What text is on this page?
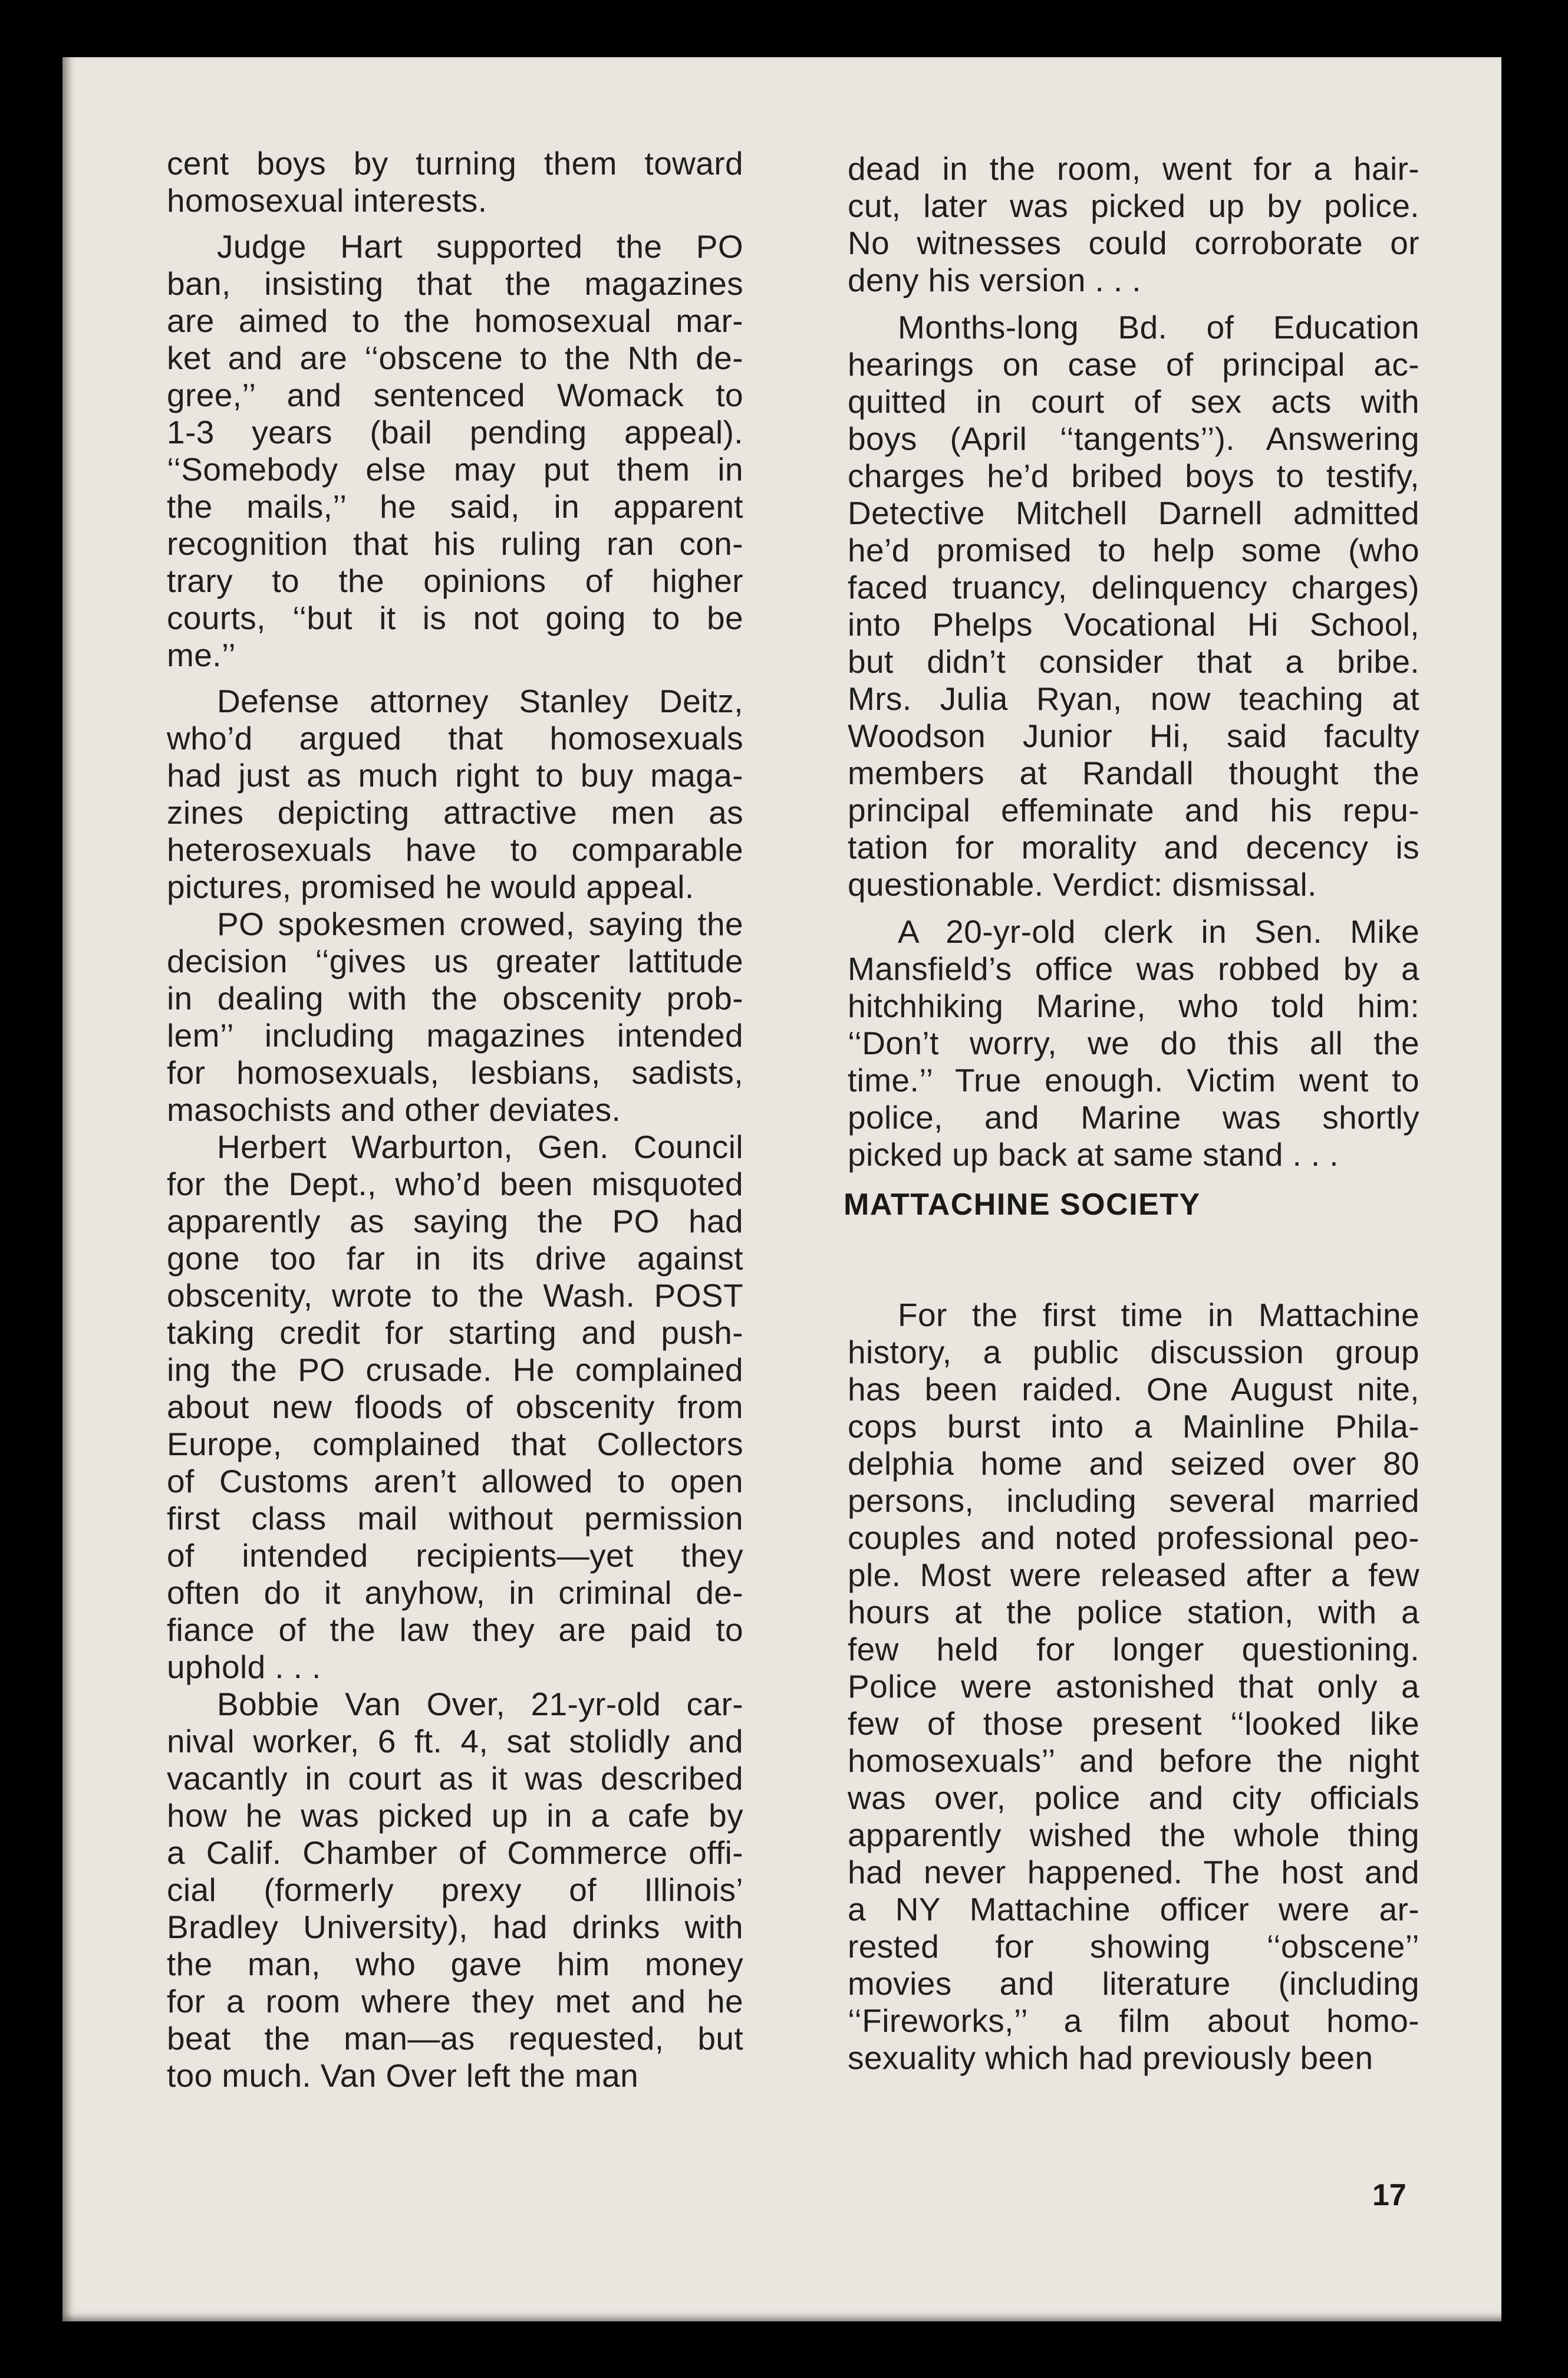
cent boys by turning them toward
homosexual interests.
Judge Hart supported the PO
ban, insisting that the magazines
are aimed to the homosexual mar-
ket and are ‘‘obscene to the Nth de-
gree,’’ and sentenced Womack to
1-3 years (bail pending appeal).
‘‘Somebody else may put them in
the mails,’’ he said, in apparent
recognition that his ruling ran con-
trary to the opinions of higher
courts, ‘‘but it is not going to be
me.’’
Defense attorney Stanley Deitz,
who’d argued that homosexuals
had just as much right to buy maga-
zines depicting attractive men as
heterosexuals have to comparable
pictures, promised he would appeal.
PO spokesmen crowed, saying the
decision ‘‘gives us greater lattitude
in dealing with the obscenity prob-
lem’’ including magazines intended
for homosexuals, lesbians, sadists,
masochists and other deviates.
Herbert Warburton, Gen. Council
for the Dept., who’d been misquoted
apparently as saying the PO had
gone too far in its drive against
obscenity, wrote to the Wash. POST
taking credit for starting and push-
ing the PO crusade. He complained
about new floods of obscenity from
Europe, complained that Collectors
of Customs aren’t allowed to open
first class mail without permission
of intended recipients—yet they
often do it anyhow, in criminal de-
fiance of the law they are paid to
uphold . . .
Bobbie Van Over, 21-yr-old car-
nival worker, 6 ft. 4, sat stolidly and
vacantly in court as it was described
how he was picked up in a cafe by
a Calif. Chamber of Commerce offi-
cial (formerly prexy of Illinois’
Bradley University), had drinks with
the man, who gave him money
for a room where they met and he
beat the man—as requested, but
too much. Van Over left the man
dead in the room, went for a hair-
cut, later was picked up by police.
No witnesses could corroborate or
deny his version . . .
Months-long Bd. of Education
hearings on case of principal ac-
quitted in court of sex acts with
boys (April ‘‘tangents’’). Answering
charges he’d bribed boys to testify,
Detective Mitchell Darnell admitted
he’d promised to help some (who
faced truancy, delinquency charges)
into Phelps Vocational Hi School,
but didn’t consider that a bribe.
Mrs. Julia Ryan, now teaching at
Woodson Junior Hi, said faculty
members at Randall thought the
principal effeminate and his repu-
tation for morality and decency is
questionable. Verdict: dismissal.
A 20-yr-old clerk in Sen. Mike
Mansfield’s office was robbed by a
hitchhiking Marine, who told him:
‘‘Don’t worry, we do this all the
time.’’ True enough. Victim went to
police, and Marine was shortly
picked up back at same stand . . .
For the first time in Mattachine
history, a public discussion group
has been raided. One August nite,
cops burst into a Mainline Phila-
delphia home and seized over 80
persons, including several married
couples and noted professional peo-
ple. Most were released after a few
hours at the police station, with a
few held for longer questioning.
Police were astonished that only a
few of those present ‘‘looked like
homosexuals’’ and before the night
was over, police and city officials
apparently wished the whole thing
had never happened. The host and
a NY Mattachine officer were ar-
rested for showing ‘‘obscene’’
movies and literature (including
‘‘Fireworks,’’ a film about homo-
sexuality which had previously been
MATTACHINE SOCIETY
17
